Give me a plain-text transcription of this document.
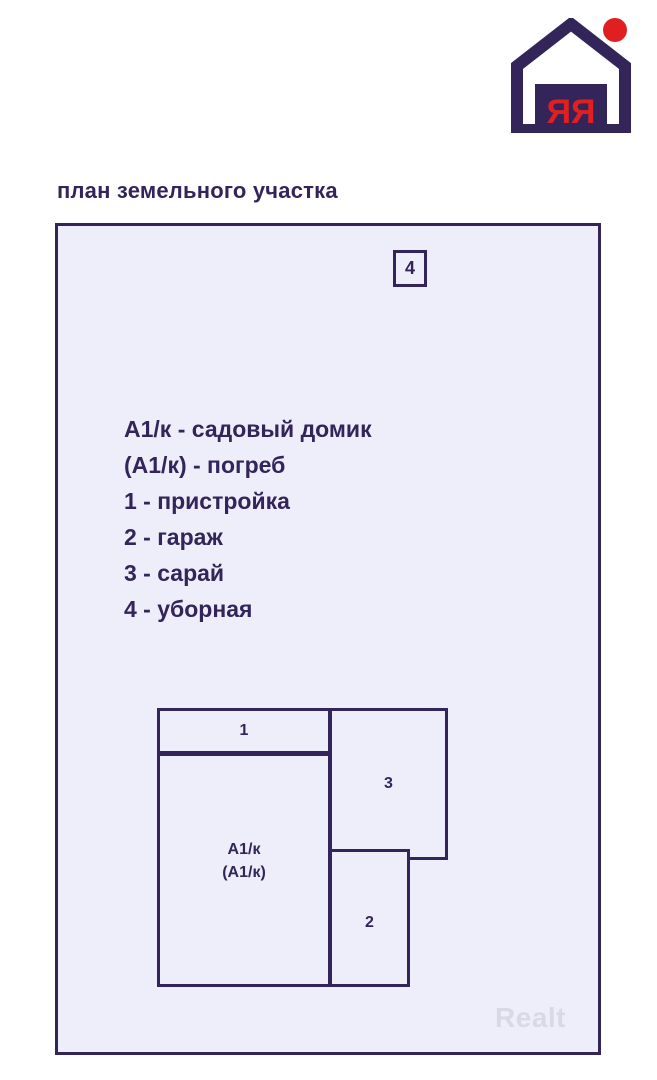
МОЯ
ЯЯ
план земельного участка
4
A1/к - садовый домик
(A1/к) - погреб
1 - пристройка
2 - гараж
3 - сарай
4 - уборная
1
3
2
A1/к
(A1/к)
Realt
